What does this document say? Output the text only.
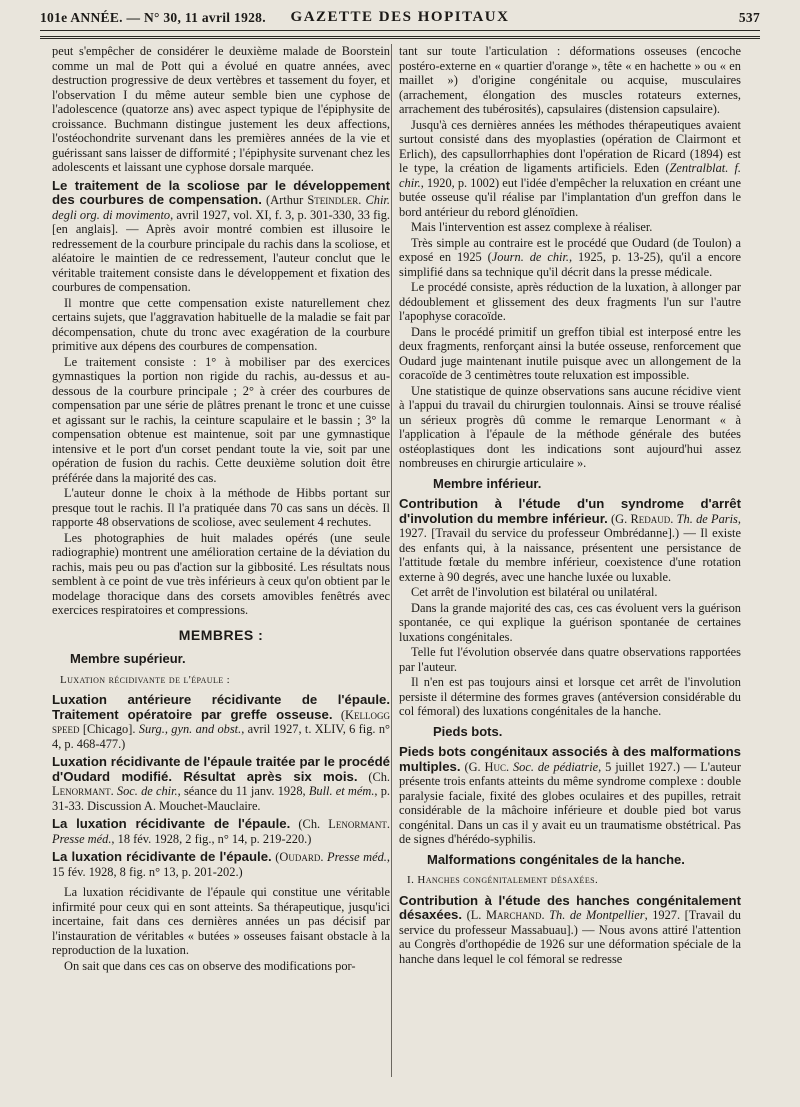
101e ANNÉE. — N° 30, 11 avril 1928.	GAZETTE DES HOPITAUX	537

peut s'empêcher de considérer le deuxième malade de Boorstein comme un mal de Pott qui a évolué en quatre années, avec destruction progressive de deux vertèbres et tassement du foyer, et l'observation I du même auteur semble bien une cyphose de l'adolescence (quatorze ans) avec aspect typique de l'épiphysite de croissance. Buchmann distingue justement les deux affections, l'ostéochondrite survenant dans les premières années de la vie et guérissant sans laisser de difformité ; l'épiphysite survenant chez les adolescents et laissant une cyphose dorsale marquée.

Le traitement de la scoliose par le développement des courbures de compensation. (Arthur Steindler. Chir. degli org. di movimento, avril 1927, vol. XI, f. 3, p. 301-330, 33 fig. [en anglais]. — Après avoir montré combien est illusoire le redressement de la courbure principale du rachis dans la scoliose, et aléatoire le maintien de ce redressement, l'auteur conclut que le véritable traitement consiste dans le développement et fixation des courbures de compensation.

Il montre que cette compensation existe naturellement chez certains sujets, que l'aggravation habituelle de la maladie se fait par décompensation, chute du tronc avec exagération de la courbure primitive aux dépens des courbures de compensation.

Le traitement consiste : 1° à mobiliser par des exercices gymnastiques la portion non rigide du rachis, au-dessus et au-dessous de la courbure principale ; 2° à créer des courbures de compensation par une série de plâtres prenant le tronc et une cuisse et agissant sur le rachis, la ceinture scapulaire et le bassin ; 3° la compensation obtenue est maintenue, soit par une gymnastique intensive et le port d'un corset pendant toute la vie, soit par une opération de fusion du rachis. Cette deuxième solution doit être préférée dans la majorité des cas.

L'auteur donne le choix à la méthode de Hibbs portant sur presque tout le rachis. Il l'a pratiquée dans 70 cas sans un décès. Il rapporte 48 observations de scoliose, avec seulement 4 rechutes.

Les photographies de huit malades opérés (une seule radiographie) montrent une amélioration certaine de la déviation du rachis, mais peu ou pas d'action sur la gibbosité. Les résultats nous semblent à ce point de vue très inférieurs à ceux qu'on obtient par le modelage thoracique dans des corsets amovibles fenêtrés avec exercices respiratoires et compressions.

MEMBRES :
Membre supérieur.
Luxation récidivante de l'épaule :

Luxation antérieure récidivante de l'épaule. Traitement opératoire par greffe osseuse. (Kellogg speed [Chicago]. Surg., gyn. and obst., avril 1927, t. XLIV, 6 fig. n° 4, p. 468-477.)

Luxation récidivante de l'épaule traitée par le procédé d'Oudard modifié. Résultat après six mois. (Ch. Lenormant. Soc. de chir., séance du 11 janv. 1928, Bull. et mém., p. 31-33. Discussion A. Mouchet-Mauclaire.

La luxation récidivante de l'épaule. (Ch. Lenormant. Presse méd., 18 fév. 1928, 2 fig., n° 14, p. 219-220.)

La luxation récidivante de l'épaule. (Oudard. Presse méd., 15 fév. 1928, 8 fig. n° 13, p. 201-202.)

La luxation récidivante de l'épaule qui constitue une véritable infirmité pour ceux qui en sont atteints. Sa thérapeutique, jusqu'ici incertaine, fait dans ces dernières années un pas décisif par l'instauration de véritables « butées » osseuses faisant obstacle à la reproduction de la luxation.

On sait que dans ces cas on observe des modifications por-

tant sur toute l'articulation : déformations osseuses (encoche postéro-externe en « quartier d'orange », tête « en hachette » ou « en maillet ») d'origine congénitale ou acquise, musculaires (arrachement, élongation des muscles rotateurs externes, arrachement des tubérosités), capsulaires (distension capsulaire).

Jusqu'à ces dernières années les méthodes thérapeutiques avaient surtout consisté dans des myoplasties (opération de Clairmont et Erlich), des capsullorrhaphies dont l'opération de Ricard (1894) est le type, la création de ligaments artificiels. Eden (Zentralblat. f. chir., 1920, p. 1002) eut l'idée d'empêcher la reluxation en créant une butée osseuse qu'il réalise par l'implantation d'un greffon dans le bord antérieur du rebord glénoïdien.

Mais l'intervention est assez complexe à réaliser.

Très simple au contraire est le procédé que Oudard (de Toulon) a exposé en 1925 (Journ. de chir., 1925, p. 13-25), qu'il a encore simplifié dans sa technique qu'il décrit dans la presse médicale.

Le procédé consiste, après réduction de la luxation, à allonger par dédoublement et glissement des deux fragments l'un sur l'autre l'apophyse coracoïde.

Dans le procédé primitif un greffon tibial est interposé entre les deux fragments, renforçant ainsi la butée osseuse, renforcement que Oudard juge maintenant inutile puisque avec un allongement de la coracoïde de 3 centimètres toute reluxation est impossible.

Une statistique de quinze observations sans aucune récidive vient à l'appui du travail du chirurgien toulonnais. Ainsi se trouve réalisé un sérieux progrès dû comme le remarque Lenormant « à l'application à l'épaule de la méthode générale des butées ostéoplastiques dont les indications sont aujourd'hui assez nombreuses en chirurgie articulaire ».

Membre inférieur.

Contribution à l'étude d'un syndrome d'arrêt d'involution du membre inférieur. (G. Redaud. Th. de Paris, 1927. [Travail du service du professeur Ombrédanne].) — Il existe des enfants qui, à la naissance, présentent une persistance de l'attitude fœtale du membre inférieur, coexistence d'une rotation externe à 90 degrés, avec une hanche luxée ou luxable.

Cet arrêt de l'involution est bilatéral ou unilatéral.

Dans la grande majorité des cas, ces cas évoluent vers la guérison spontanée, ce qui explique la guérison spontanée de certaines luxations congénitales.

Telle fut l'évolution observée dans quatre observations rapportées par l'auteur.

Il n'en est pas toujours ainsi et lorsque cet arrêt de l'involution persiste il détermine des formes graves (antéversion considérable du col fémoral) des luxations congénitales de la hanche.

Pieds bots.

Pieds bots congénitaux associés à des malformations multiples. (G. Huc. Soc. de pédiatrie, 5 juillet 1927.) — L'auteur présente trois enfants atteints du même syndrome complexe : double paralysie faciale, fixité des globes oculaires et des pupilles, retrait considérable de la mâchoire inférieure et double pied bot varus congénital. Dans un cas il y avait eu un traumatisme obstétrical. Pas de signes d'hérédo-syphilis.

Malformations congénitales de la hanche.
I. Hanches congénitalement désaxées.

Contribution à l'étude des hanches congénitalement désaxées. (L. Marchand. Th. de Montpellier, 1927. [Travail du service du professeur Massabuau].) — Nous avons attiré l'attention au Congrès d'orthopédie de 1926 sur une déformation spéciale de la hanche dans lequel le col fémoral se redresse
